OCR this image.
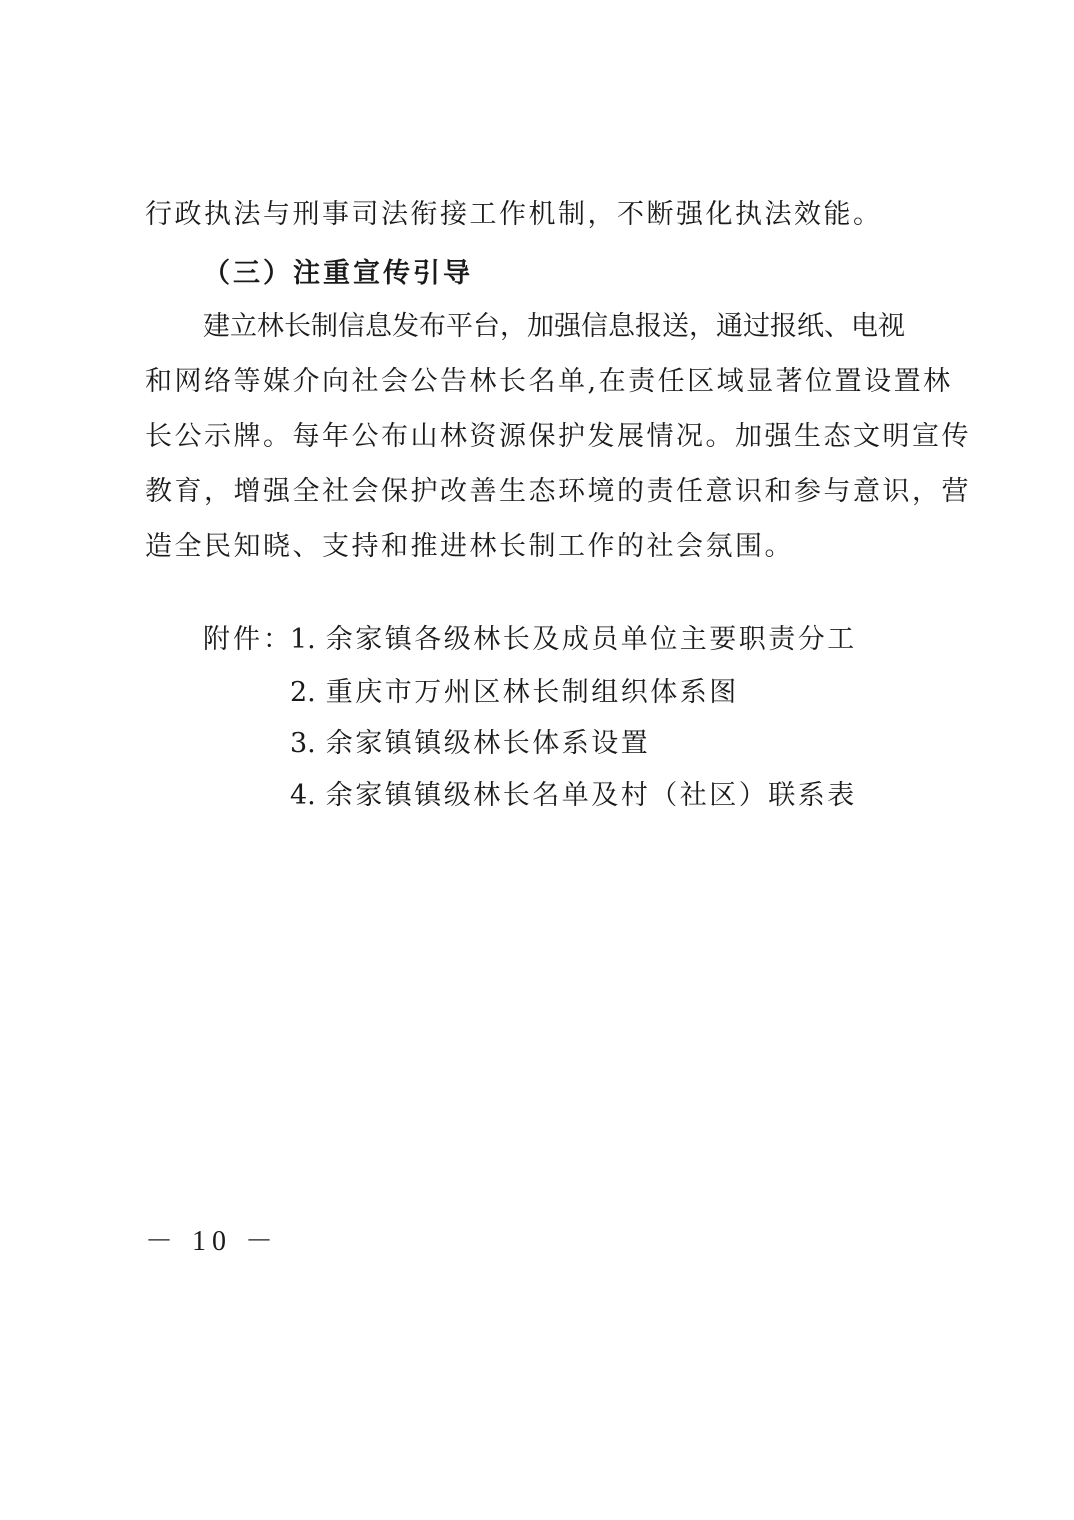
行政执法与刑事司法衔接工作机制，不断强化执法效能。
（三）注重宣传引导
建立林长制信息发布平台，加强信息报送，通过报纸、电视
和网络等媒介向社会公告林长名单,在责任区域显著位置设置林
长公示牌。每年公布山林资源保护发展情况。加强生态文明宣传
教育，增强全社会保护改善生态环境的责任意识和参与意识，营
造全民知晓、支持和推进林长制工作的社会氛围。
附件：
1. 余家镇各级林长及成员单位主要职责分工
2. 重庆市万州区林长制组织体系图
3. 余家镇镇级林长体系设置
4. 余家镇镇级林长名单及村（社区）联系表
－ 10 －
